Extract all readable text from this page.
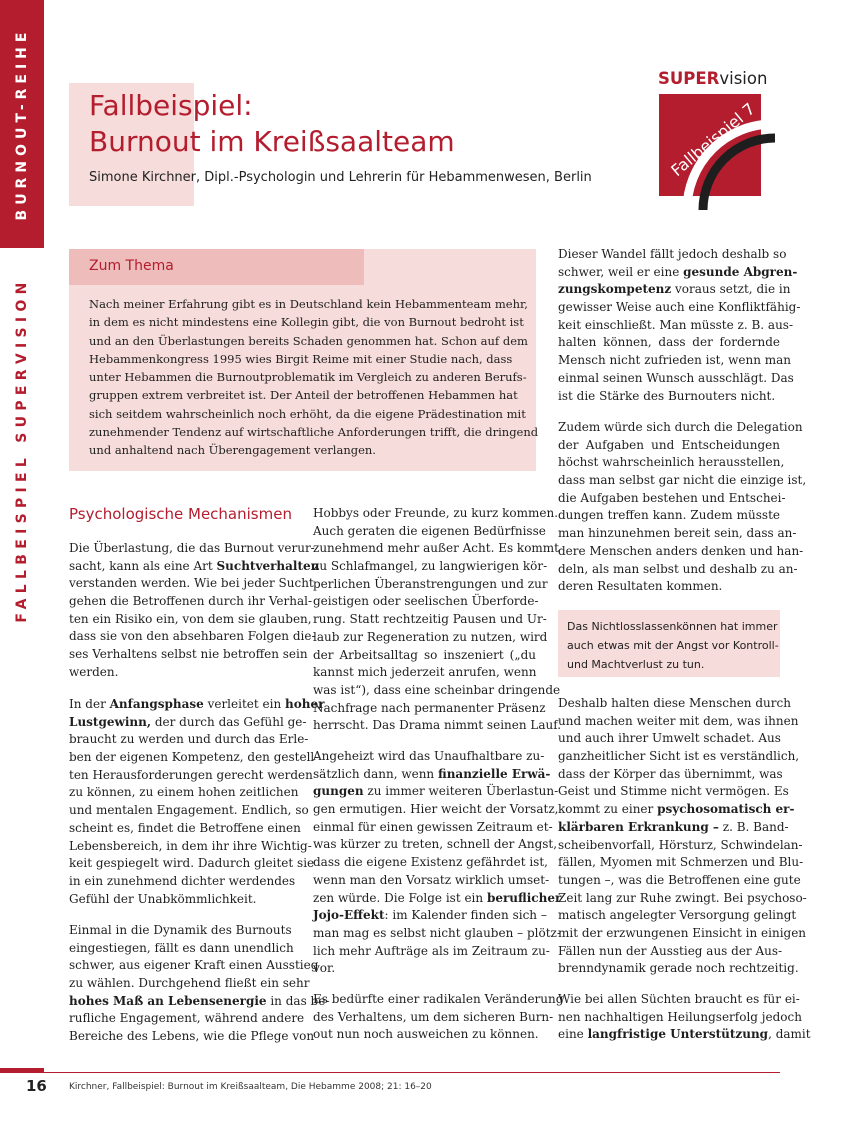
BURNOUT-REIHE
FALLBEISPIEL SUPERVISION
Fallbeispiel:
Burnout im Kreißsaalteam
Simone Kirchner, Dipl.-Psychologin und Lehrerin für Hebammenwesen, Berlin
SUPERvision
Fallbeispiel 7
Zum Thema
Nach meiner Erfahrung gibt es in Deutschland kein Hebammenteam mehr,
in dem es nicht mindestens eine Kollegin gibt, die von Burnout bedroht ist
und an den Überlastungen bereits Schaden genommen hat. Schon auf dem
Hebammenkongress 1995 wies Birgit Reime mit einer Studie nach, dass
unter Hebammen die Burnoutproblematik im Vergleich zu anderen Berufs-
gruppen extrem verbreitet ist. Der Anteil der betroffenen Hebammen hat
sich seitdem wahrscheinlich noch erhöht, da die eigene Prädestination mit
zunehmender Tendenz auf wirtschaftliche Anforderungen trifft, die dringend
und anhaltend nach Überengagement verlangen.
Psychologische Mechanismen
Die Überlastung, die das Burnout verur-
sacht, kann als eine Art Suchtverhalten
verstanden werden. Wie bei jeder Sucht
gehen die Betroffenen durch ihr Verhal-
ten ein Risiko ein, von dem sie glauben,
dass sie von den absehbaren Folgen die-
ses Verhaltens selbst nie betroffen sein
werden.
In der Anfangsphase verleitet ein hoher
Lustgewinn, der durch das Gefühl ge-
braucht zu werden und durch das Erle-
ben der eigenen Kompetenz, den gestell-
ten Herausforderungen gerecht werden
zu können, zu einem hohen zeitlichen
und mentalen Engagement. Endlich, so
scheint es, findet die Betroffene einen
Lebensbereich, in dem ihr ihre Wichtig-
keit gespiegelt wird. Dadurch gleitet sie
in ein zunehmend dichter werdendes
Gefühl der Unabkömmlichkeit.
Einmal in die Dynamik des Burnouts
eingestiegen, fällt es dann unendlich
schwer, aus eigener Kraft einen Ausstieg
zu wählen. Durchgehend fließt ein sehr
hohes Maß an Lebensenergie in das be-
rufliche Engagement, während andere
Bereiche des Lebens, wie die Pflege von
Hobbys oder Freunde, zu kurz kommen.
Auch geraten die eigenen Bedürfnisse
zunehmend mehr außer Acht. Es kommt
zu Schlafmangel, zu langwierigen kör-
perlichen Überanstrengungen und zur
geistigen oder seelischen Überforde-
rung. Statt rechtzeitig Pausen und Ur-
laub zur Regeneration zu nutzen, wird
der Arbeitsalltag so inszeniert („du
kannst mich jederzeit anrufen, wenn
was ist“), dass eine scheinbar dringende
Nachfrage nach permanenter Präsenz
herrscht. Das Drama nimmt seinen Lauf.
Angeheizt wird das Unaufhaltbare zu-
sätzlich dann, wenn finanzielle Erwä-
gungen zu immer weiteren Überlastun-
gen ermutigen. Hier weicht der Vorsatz,
einmal für einen gewissen Zeitraum et-
was kürzer zu treten, schnell der Angst,
dass die eigene Existenz gefährdet ist,
wenn man den Vorsatz wirklich umset-
zen würde. Die Folge ist ein beruflicher
Jojo-Effekt: im Kalender finden sich –
man mag es selbst nicht glauben – plötz-
lich mehr Aufträge als im Zeitraum zu-
vor.
Es bedürfte einer radikalen Veränderung
des Verhaltens, um dem sicheren Burn-
out nun noch ausweichen zu können.
Dieser Wandel fällt jedoch deshalb so
schwer, weil er eine gesunde Abgren-
zungskompetenz voraus setzt, die in
gewisser Weise auch eine Konfliktfähig-
keit einschließt. Man müsste z. B. aus-
halten können, dass der fordernde
Mensch nicht zufrieden ist, wenn man
einmal seinen Wunsch ausschlägt. Das
ist die Stärke des Burnouters nicht.
Zudem würde sich durch die Delegation
der Aufgaben und Entscheidungen
höchst wahrscheinlich herausstellen,
dass man selbst gar nicht die einzige ist,
die Aufgaben bestehen und Entschei-
dungen treffen kann. Zudem müsste
man hinzunehmen bereit sein, dass an-
dere Menschen anders denken und han-
deln, als man selbst und deshalb zu an-
deren Resultaten kommen.
Das Nichtlosslassenkönnen hat immer
auch etwas mit der Angst vor Kontroll-
und Machtverlust zu tun.
Deshalb halten diese Menschen durch
und machen weiter mit dem, was ihnen
und auch ihrer Umwelt schadet. Aus
ganzheitlicher Sicht ist es verständlich,
dass der Körper das übernimmt, was
Geist und Stimme nicht vermögen. Es
kommt zu einer psychosomatisch er-
klärbaren Erkrankung – z. B. Band-
scheibenvorfall, Hörsturz, Schwindelan-
fällen, Myomen mit Schmerzen und Blu-
tungen –, was die Betroffenen eine gute
Zeit lang zur Ruhe zwingt. Bei psychoso-
matisch angelegter Versorgung gelingt
mit der erzwungenen Einsicht in einigen
Fällen nun der Ausstieg aus der Aus-
brenndynamik gerade noch rechtzeitig.
Wie bei allen Süchten braucht es für ei-
nen nachhaltigen Heilungserfolg jedoch
eine langfristige Unterstützung, damit
16 Kirchner, Fallbeispiel: Burnout im Kreißsaalteam, Die Hebamme 2008; 21: 16–20
